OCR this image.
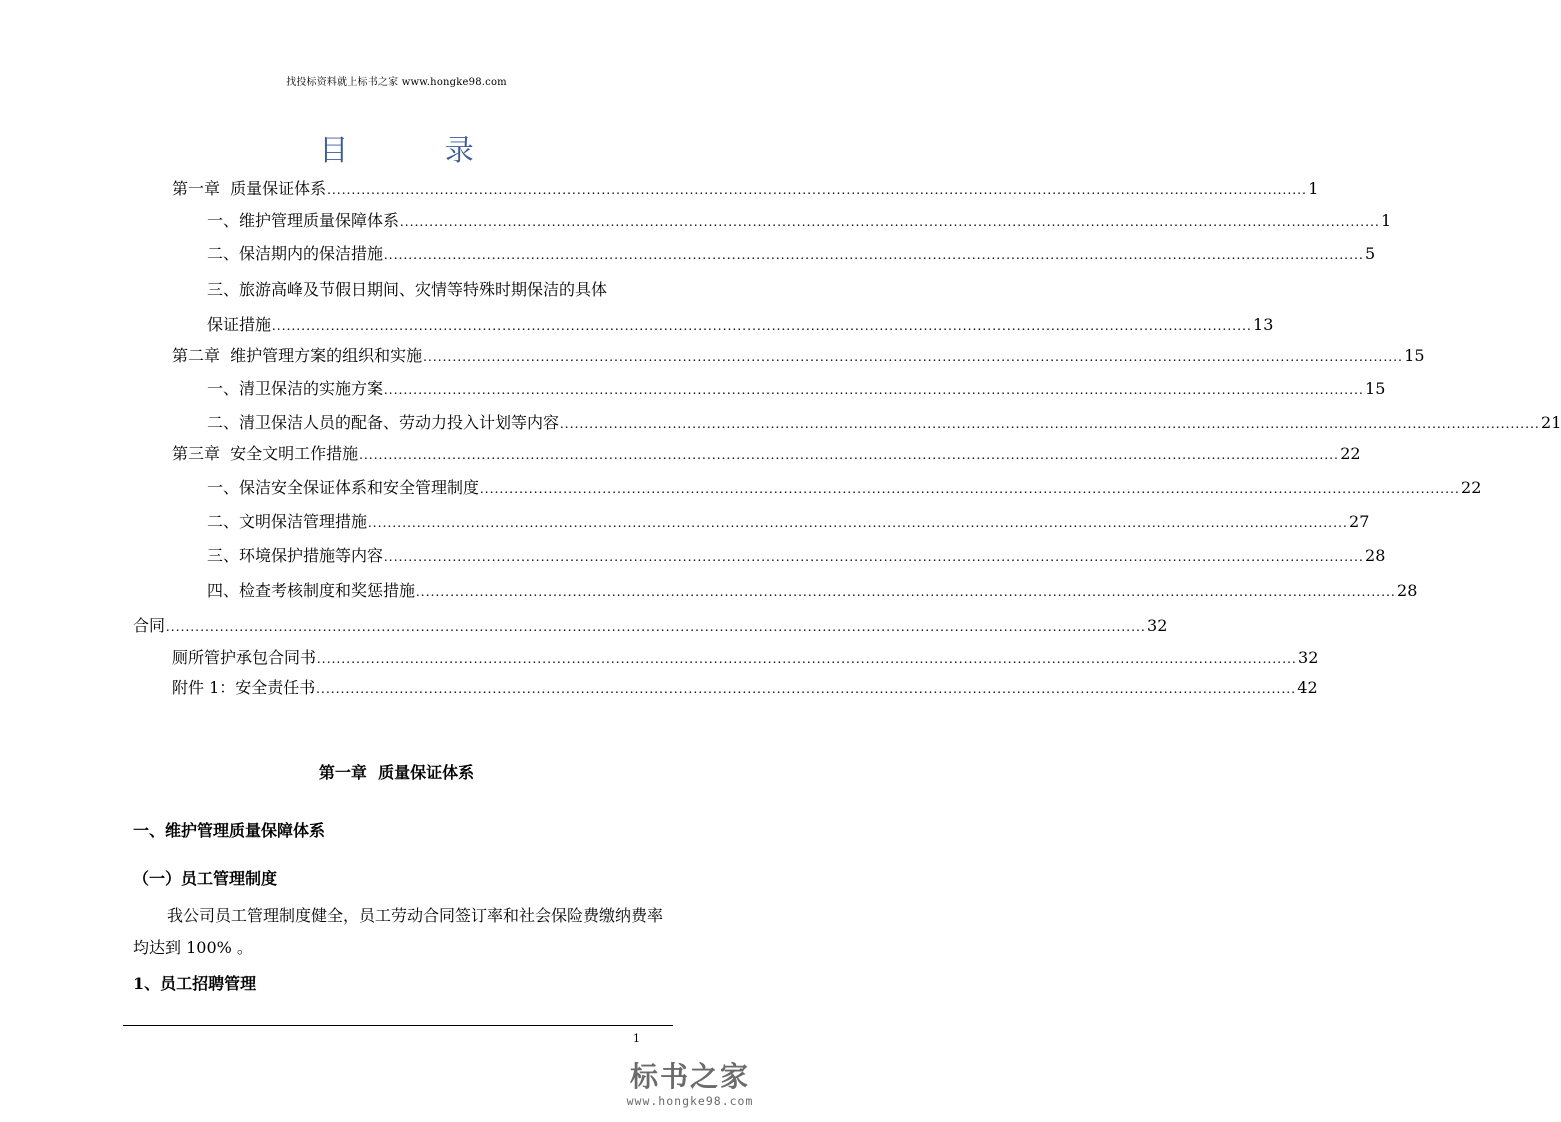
找投标资料就上标书之家 www.hongke98.com
目  录
第一章  质量保证体系 ........................................................................................................................................................................................................ 1
一、维护管理质量保障体系 ........................................................................................................................................................................................................ 1
二、保洁期内的保洁措施 ........................................................................................................................................................................................................ 5
三、旅游高峰及节假日期间、灾情等特殊时期保洁的具体
保证措施 ........................................................................................................................................................................................................ 13
第二章  维护管理方案的组织和实施 ........................................................................................................................................................................................................ 15
一、清卫保洁的实施方案 ........................................................................................................................................................................................................ 15
二、清卫保洁人员的配备、劳动力投入计划等内容 ........................................................................................................................................................................................................ 21
第三章  安全文明工作措施 ........................................................................................................................................................................................................ 22
一、保洁安全保证体系和安全管理制度 ........................................................................................................................................................................................................ 22
二、文明保洁管理措施 ........................................................................................................................................................................................................ 27
三、环境保护措施等内容 ........................................................................................................................................................................................................ 28
四、检查考核制度和奖惩措施 ........................................................................................................................................................................................................ 28
合同 ........................................................................................................................................................................................................ 32
厕所管护承包合同书 ........................................................................................................................................................................................................ 32
附件 1：安全责任书 ........................................................................................................................................................................................................ 42
第一章  质量保证体系
一、维护管理质量保障体系
（一）员工管理制度
我公司员工管理制度健全，员工劳动合同签订率和社会保险费缴纳费率均达到 100% 。
1、员工招聘管理
1
标书之家
www.hongke98.com
